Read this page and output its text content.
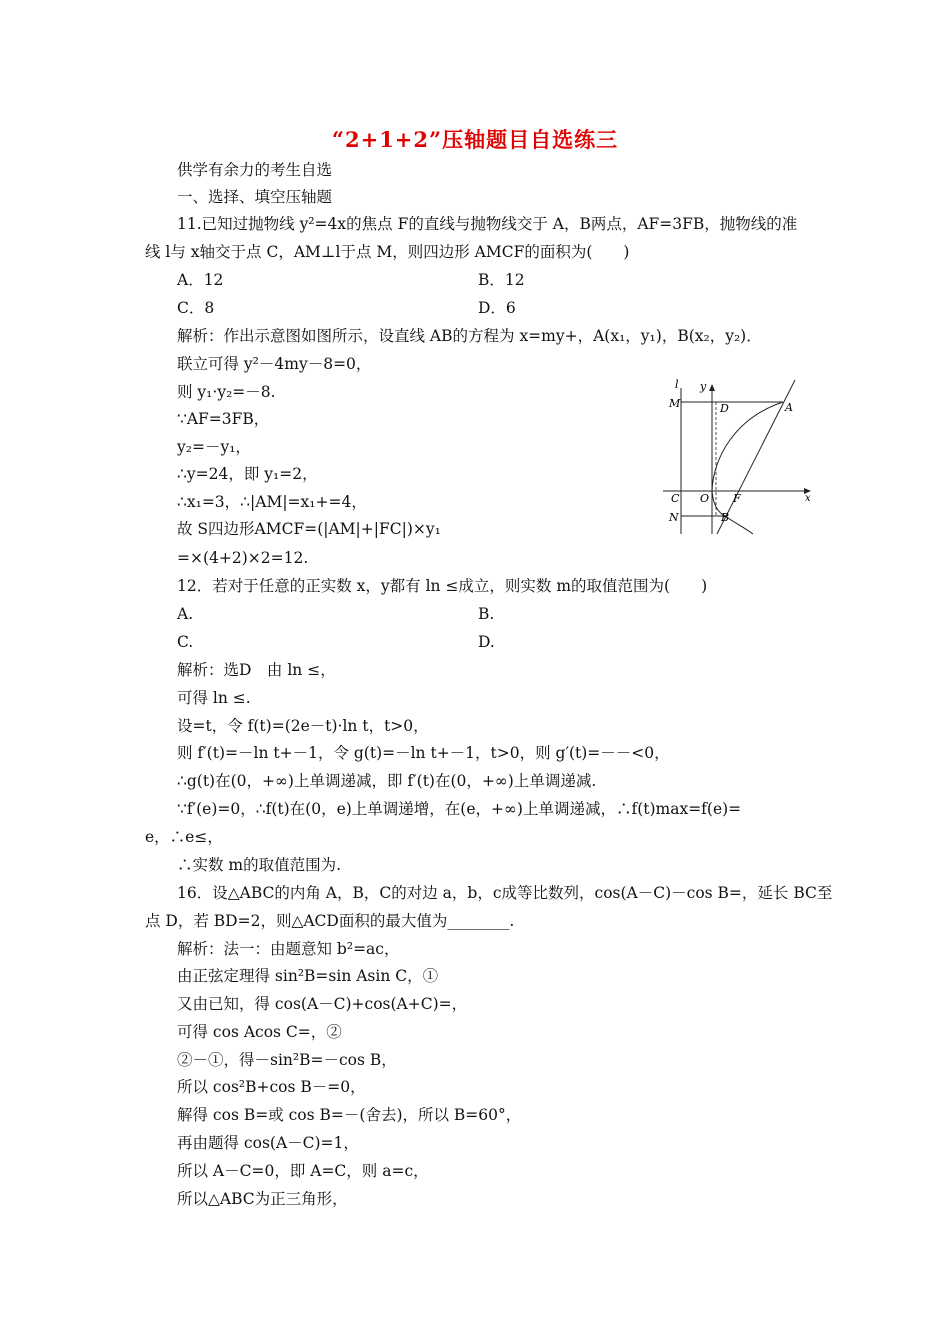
“2+1+2”压轴题目自选练三
供学有余力的考生自选
一、选择、填空压轴题
11.已知过抛物线 y²=4x的焦点 F的直线与抛物线交于 A，B两点，AF=3FB，抛物线的准
线 l与 x轴交于点 C，AM⊥l于点 M，则四边形 AMCF的面积为(　　)
A．12	B．12
C．8	D．6
解析：作出示意图如图所示，设直线 AB的方程为 x=my+，A(x₁，y₁)，B(x₂，y₂)．
联立可得 y²－4my－8=0，
则 y₁·y₂=－8.
∵AF=3FB，
y₂=－y₁，
∴y=24，即 y₁=2，
∴x₁=3，∴|AM|=x₁+=4，
故 S四边形AMCF=(|AM|+|FC|)×y₁
=×(4+2)×2=12.
l y
x
M	D	A
C O F
N	B
12．若对于任意的正实数 x，y都有 ln ≤成立，则实数 m的取值范围为(　　)
A.	B.
C.	D.
解析：选D　由 ln ≤，
可得 ln ≤.
设=t，令 f(t)=(2e－t)·ln t，t>0，
则 f′(t)=－ln t+－1，令 g(t)=－ln t+－1，t>0，则 g′(t)=－－<0，
∴g(t)在(0，+∞)上单调递减，即 f′(t)在(0，+∞)上单调递减.
∵f′(e)=0，∴f(t)在(0，e)上单调递增，在(e，+∞)上单调递减，∴f(t)max=f(e)=
e，∴e≤，
∴实数 m的取值范围为.
16．设△ABC的内角 A，B，C的对边 a，b，c成等比数列，cos(A－C)－cos B=，延长 BC至
点 D，若 BD=2，则△ACD面积的最大值为________.
解析：法一：由题意知 b²=ac，
由正弦定理得 sin²B=sin Asin C，①
又由已知，得 cos(A－C)+cos(A+C)=，
可得 cos Acos C=，②
②－①，得－sin²B=－cos B，
所以 cos²B+cos B－=0，
解得 cos B=或 cos B=－(舍去)，所以 B=60°，
再由题得 cos(A－C)=1，
所以 A－C=0，即 A=C，则 a=c，
所以△ABC为正三角形，
